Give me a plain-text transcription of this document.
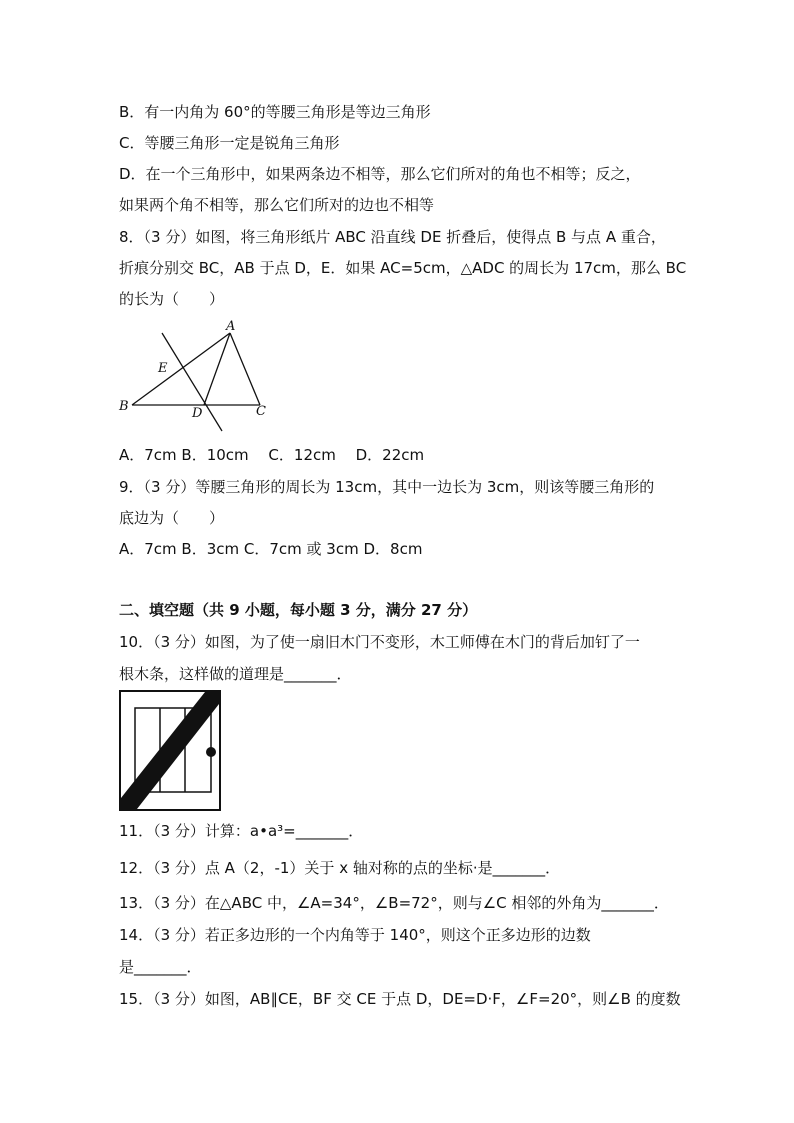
B．有一内角为 60°的等腰三角形是等边三角形
C．等腰三角形一定是锐角三角形
D．在一个三角形中，如果两条边不相等，那么它们所对的角也不相等；反之，
如果两个角不相等，那么它们所对的边也不相等
8．（3 分）如图，将三角形纸片 ABC 沿直线 DE 折叠后，使得点 B 与点 A 重合，
折痕分别交 BC，AB 于点 D，E．如果 AC=5cm，△ADC 的周长为 17cm，那么 BC
的长为（　　）
A
E
B	D	C
A．7cm B．10cm　 C．12cm　 D．22cm
9．（3 分）等腰三角形的周长为 13cm，其中一边长为 3cm，则该等腰三角形的
底边为（　　）
A．7cm B．3cm C．7cm 或 3cm D．8cm
二、填空题（共 9 小题，每小题 3 分，满分 27 分）
10．（3 分）如图，为了使一扇旧木门不变形，木工师傅在木门的背后加钉了一
根木条，这样做的道理是_______．
11．（3 分）计算：a•a³=_______．
12．（3 分）点 A（2，-1）关于 x 轴对称的点的坐标·是_______．
13．（3 分）在△ABC 中，∠A=34°，∠B=72°，则与∠C 相邻的外角为_______．
14．（3 分）若正多边形的一个内角等于 140°，则这个正多边形的边数
是_______．
15．（3 分）如图，AB∥CE，BF 交 CE 于点 D，DE=D·F，∠F=20°，则∠B 的度数
